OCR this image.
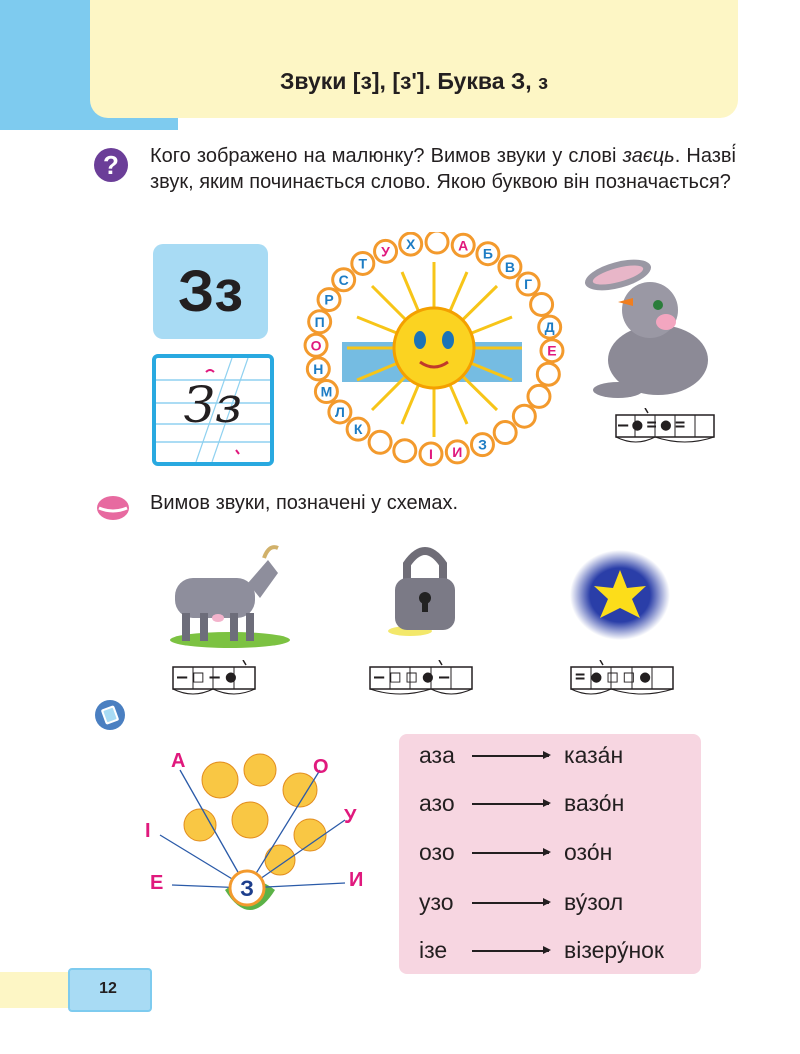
Звуки [з], [з']. Буква З, з
? Кого зображено на малюнку? Вимов звуки у слові заєць. Назві́ звук, яким починається слово. Якою буквою він позначається?
Зз
Зз
А
Б
В
Г
Д
Е
З
И
І
К
Л
М
Н
О
П
Р
С
Т
У Х
–●=●=
Вимов звуки, позначені у схемах.
–□–●	–□□●–	=●□□●
З
А	О
І
У
Е	И
аза	каза́н
азо	вазо́н
озо	озо́н
узо	ву́зол
ізе	візеру́нок
12
